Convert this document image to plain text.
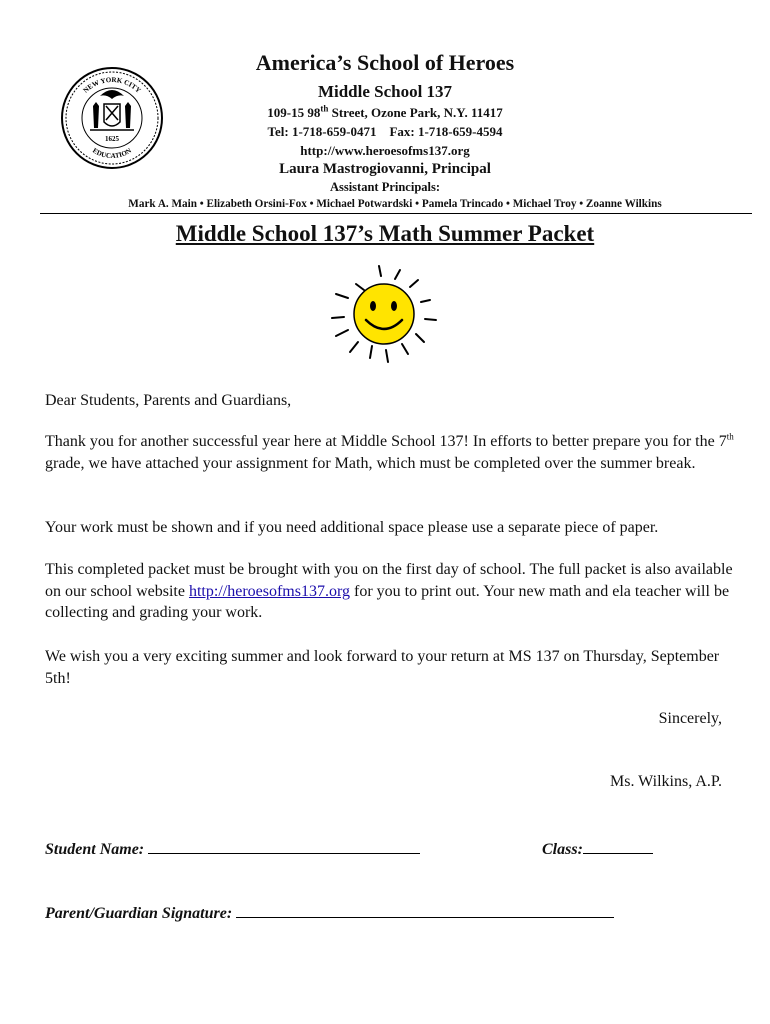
NEW YORK CITY
EDUCATION
1625
America’s School of Heroes
Middle School 137
109-15 98th Street, Ozone Park, N.Y. 11417
Tel: 1-718-659-0471    Fax: 1-718-659-4594
http://www.heroesofms137.org
Laura Mastrogiovanni, Principal
Assistant Principals:
Mark A. Main • Elizabeth Orsini-Fox • Michael Potwardski • Pamela Trincado • Michael Troy • Zoanne Wilkins
Middle School 137’s Math Summer Packet
Dear Students, Parents and Guardians,
Thank you for another successful year here at Middle School 137! In efforts to better prepare you for the 7th grade, we have attached your assignment for Math, which must be completed over the summer break.
Your work must be shown and if you need additional space please use a separate piece of paper.
This completed packet must be brought with you on the first day of school. The full packet is also available on our school website http://heroesofms137.org for you to print out. Your new math and ela teacher will be collecting and grading your work.
We wish you a very exciting summer and look forward to your return at MS 137 on Thursday, September 5th!
Sincerely,
Ms. Wilkins, A.P.
Student Name:	Class:
Parent/Guardian Signature:
